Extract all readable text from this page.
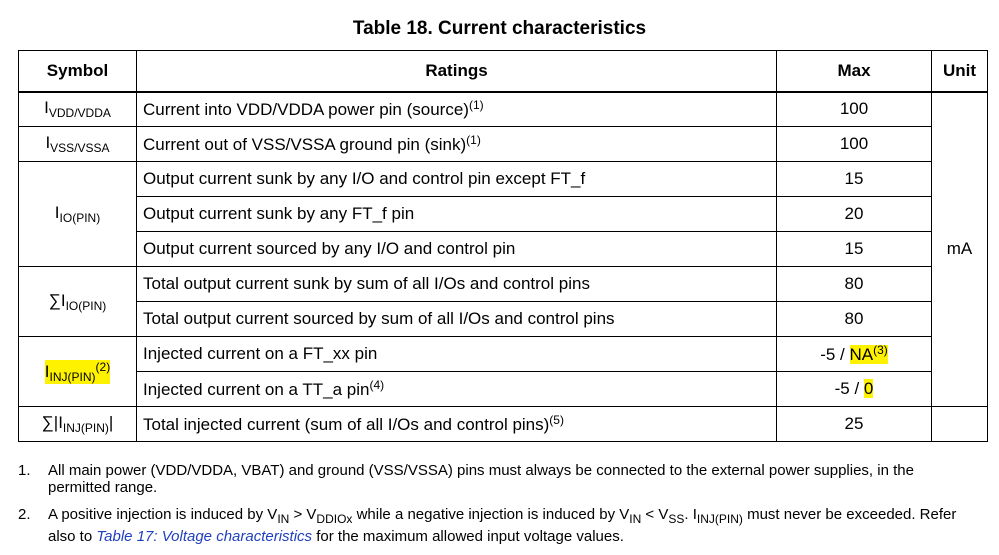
Table 18. Current characteristics
Symbol	Ratings	Max	Unit
$I_{VDD/VDDA}$	Current into VDD/VDDA power pin (source)$^{(1)}$	100	mA
$I_{VSS/VSSA}$	Current out of VSS/VSSA ground pin $(\sin k)^{(1)}$	100	
$I_{IO(PIN)}$	Output current sunk by any I/O and control pin except FT_f	15	
	Output current sunk by any FT_f pin	20	
	Output current sourced by any I/O and control pin	15	
$\sum I_{IO(PIN)}$	Total output current sunk by sum of all I/Os and control pins	80	
	Total output current sourced by sum of all I/Os and control pins	80	
$I_{INJ(PIN)}^{(2)}$	Injected current on a FT_xx pin	-5 / NA$^{(3)}$
	Injected current on a TT_a pin$^{(4)}$	-5 / 0	
$\sum|I_{INJ(PIN)}|$	Total injected current (sum of all I/Os and control pins)$^{(5)}$	25	
1.	All main power (VDD/VDDA, VBAT) and ground (VSS/VSSA) pins must always be connected to the external power supplies, in the permitted range.
2.	A positive injection is induced by $V_{IN} > V_{DDIOx}$ while a negative injection is induced by $V_{IN} < V_{SS}$. $I_{INJ(PIN)}$ must never be exceeded. Refer also to Table 17: Voltage characteristics for the maximum allowed input voltage values.
